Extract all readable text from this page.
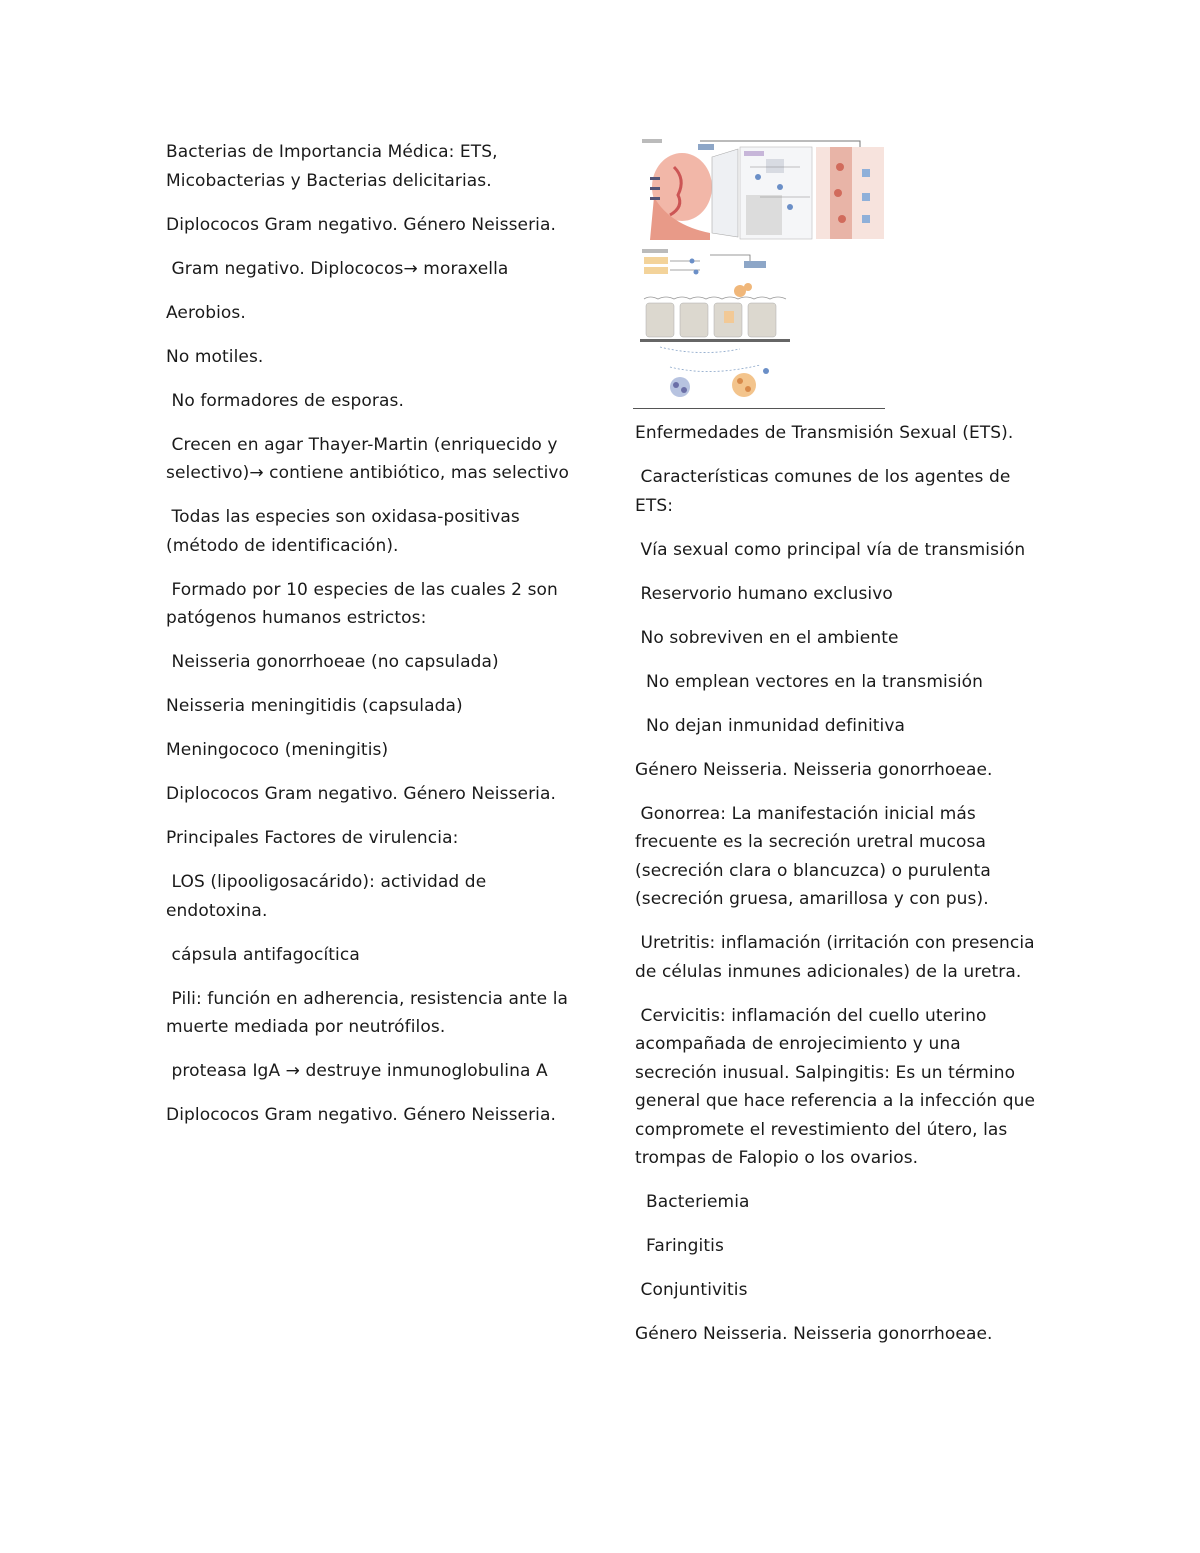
Bacterias de Importancia Médica: ETS, Micobacterias y Bacterias delicitarias.

Diplococos Gram negativo. Género Neisseria.

Gram negativo. Diplococos→ moraxella

Aerobios.

No motiles.

No formadores de esporas.

Crecen en agar Thayer-Martin (enriquecido y selectivo)→ contiene antibiótico, mas selectivo

Todas las especies son oxidasa-positivas (método de identificación).

Formado por 10 especies de las cuales 2 son patógenos humanos estrictos:

Neisseria gonorrhoeae (no capsulada)

Neisseria meningitidis (capsulada)

Meningococo (meningitis)

Diplococos Gram negativo. Género Neisseria.

Principales Factores de virulencia:

LOS (lipooligosacárido): actividad de endotoxina.

cápsula antifagocítica

Pili: función en adherencia, resistencia ante la muerte mediada por neutrófilos.

proteasa IgA → destruye inmunoglobulina A

Diplococos Gram negativo. Género Neisseria.

Enfermedades de Transmisión Sexual (ETS).

Características comunes de los agentes de ETS:

Vía sexual como principal vía de transmisión

Reservorio humano exclusivo

No sobreviven en el ambiente

No emplean vectores en la transmisión

No dejan inmunidad definitiva

Género Neisseria. Neisseria gonorrhoeae.

Gonorrea: La manifestación inicial más frecuente es la secreción uretral mucosa (secreción clara o blancuzca) o purulenta (secreción gruesa, amarillosa y con pus).

Uretritis: inflamación (irritación con presencia de células inmunes adicionales) de la uretra.

Cervicitis: inflamación del cuello uterino acompañada de enrojecimiento y una secreción inusual. Salpingitis: Es un término general que hace referencia a la infección que compromete el revestimiento del útero, las trompas de Falopio o los ovarios.

Bacteriemia

Faringitis

Conjuntivitis

Género Neisseria. Neisseria gonorrhoeae.
